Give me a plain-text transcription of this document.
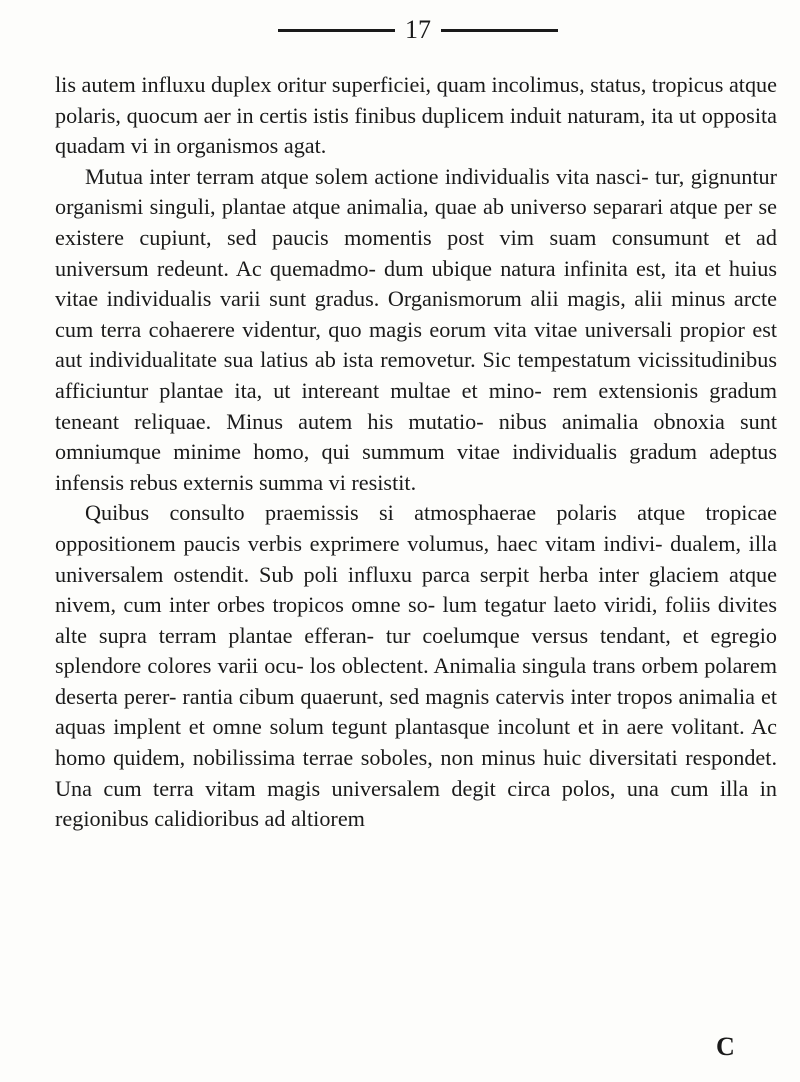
17

lis autem influxu duplex oritur superficiei, quam incolimus, status, tropicus atque polaris, quocum aer in certis istis finibus duplicem induit naturam, ita ut opposita quadam vi in organismos agat.

Mutua inter terram atque solem actione individualis vita nasci- tur, gignuntur organismi singuli, plantae atque animalia, quae ab universo separari atque per se existere cupiunt, sed paucis momentis post vim suam consumunt et ad universum redeunt. Ac quemadmo- dum ubique natura infinita est, ita et huius vitae individualis varii sunt gradus. Organismorum alii magis, alii minus arcte cum terra cohaerere videntur, quo magis eorum vita vitae universali propior est aut individualitate sua latius ab ista removetur. Sic tempestatum vicissitudinibus afficiuntur plantae ita, ut intereant multae et mino- rem extensionis gradum teneant reliquae. Minus autem his mutatio- nibus animalia obnoxia sunt omniumque minime homo, qui summum vitae individualis gradum adeptus infensis rebus externis summa vi resistit.

Quibus consulto praemissis si atmosphaerae polaris atque tropicae oppositionem paucis verbis exprimere volumus, haec vitam indivi- dualem, illa universalem ostendit. Sub poli influxu parca serpit herba inter glaciem atque nivem, cum inter orbes tropicos omne so- lum tegatur laeto viridi, foliis divites alte supra terram plantae efferan- tur coelumque versus tendant, et egregio splendore colores varii ocu- los oblectent. Animalia singula trans orbem polarem deserta perer- rantia cibum quaerunt, sed magnis catervis inter tropos animalia et aquas implent et omne solum tegunt plantasque incolunt et in aere volitant. Ac homo quidem, nobilissima terrae soboles, non minus huic diversitati respondet. Una cum terra vitam magis universalem degit circa polos, una cum illa in regionibus calidioribus ad altiorem

C
